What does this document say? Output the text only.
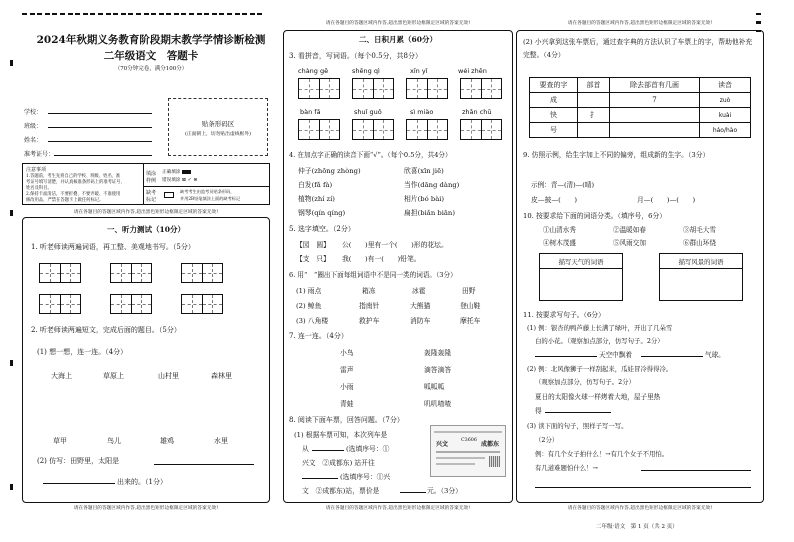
2024年秋期义务教育阶段期末教学学情诊断检测
二年级语文　答题卡
（70分钟完卷，满分100分）
学校：
班级：
姓名：
准考证号：
贴条形码区
(正面朝上，切勿贴出虚线框外)
注意事项
1.答题前，考生先将自己的学校、班级、姓名、准
考证号填写清楚，并认真核准条形码上的准考证号、
姓名及科目。
2.保持卡面清洁，不要折叠、不要弄破、不准使用
修改用品，严禁在答题卡上做任何标记。
填涂
样例
正确填涂
错误填涂 ⊠ ✓ ⊗
缺考
标记
缺考考生由监考员贴条形码，
并用2B铅笔填涂上面的缺考标记
请在各题目的答题区域内作答,超出黑色矩形边框限定区域的答案无效!
一、听力测试（10分）
1. 听老师读两遍词语，再工整、美观地书写。（5分）
2. 听老师读两遍短文，完成后面的题目。（5分）
(1) 想一想，连一连。（4分）
大海上	草原上	山村里	森林里
草甲	鸟儿	雄鸡	水里
(2) 仿写：田野里，太阳是
出来的。（1分）
请在各题目的答题区域内作答,超出黑色矩形边框限定区域的答案无效!
请在各题目的答题区域内作答,超出黑色矩形边框限定区域的答案无效!
二、日积月累（60分）
3. 看拼音，写词语。（每个0.5分，共8分）
chàng gē	shēng qì	xīn yǐ	wéi zhēn
bàn fǎ	shuǐ guǒ	sì miào	zhǎn chū
4. 在加点字正确的读音下画“√”。（每个0.5分，共4分）
仲子(zhōng zhòng)	欣喜(xīn jiē)
白发(fǎ fà)	当作(dāng dàng)
植物(zhí zí)	相片(bó bài)
钢琴(qín qíng)	扁担(biǎn biān)
5. 选字填空。（2分）
【园　圆】 公(　　)里有一个(　　)形的花坛。
【支　只】 我(　　)有一(　　)铅笔。
6. 用“　”圈出下面每组词语中不是同一类的词语。（3分）
(1) 雨点	箱冻	冰雹	田野
(2) 鲸鱼	指南针	大熊猫	登山鞋
(3) 八角楼	救护车	消防车	摩托车
7. 连一连。（4分）
小鸟
雷声
小雨
青蛙
轰隆轰隆
滴答滴答
呱呱呱
叽叽喳喳
8. 阅读下面车票，回答问题。（7分）
(1) 根据车票可知，本次列车是
从	(选填序号：①
兴文　②成都东) 站开往
(选填序号：①兴
文　②成都东)站，票价是	元。（3分）
兴文
C3606
成都东
请在各题目的答题区域内作答,超出黑色矩形边框限定区域的答案无效!
请在各题目的答题区域内作答,超出黑色矩形边框限定区域的答案无效!
(2) 小兴拿到这张车票后，通过查字典的方法认识了车票上的字，帮助他补充完整。（4分）
要查的字	部首	除去部首有几画	读音
成		7	zuò
快	扌		kuài
号			háo/hào
9. 仿照示例，给生字加上不同的偏旁，组成新的生字。（3分）
示例：青—(清)—(晴)
皮—披—(　　)	月—(　　)—(　　)
10. 按要求给下面的词语分类。（填序号，6分）
①山清水秀	②温暖如春	③胡毛大雪
④树木茂盛	⑤风雨交加	⑥群山环绕
描写天气的词语	描写风景的词语
11. 按要求写句子。（6分）
(1) 例：银杏的鸭芦藤上长满了绿叶，开出了几朵雪
白的小花。（观察加点部分，仿写句子。2分）
天空中飘着	气球。
(2) 例：北风像狮子一样刮起来，瓜娃冒冷得得冷。
（观察加点部分，仿写句子。2分）
夏日的太阳像火球一样烤着大地，屋子里热
得
(3) 读下面的句子，照样子写一写。
（2分）
例：有几个女子拍什么！→有几个女子不用怕。
有几道难题怕什么！→
请在各题目的答题区域内作答,超出黑色矩形边框限定区域的答案无效!
二年级·语文　第 1 页（共 2 页）
